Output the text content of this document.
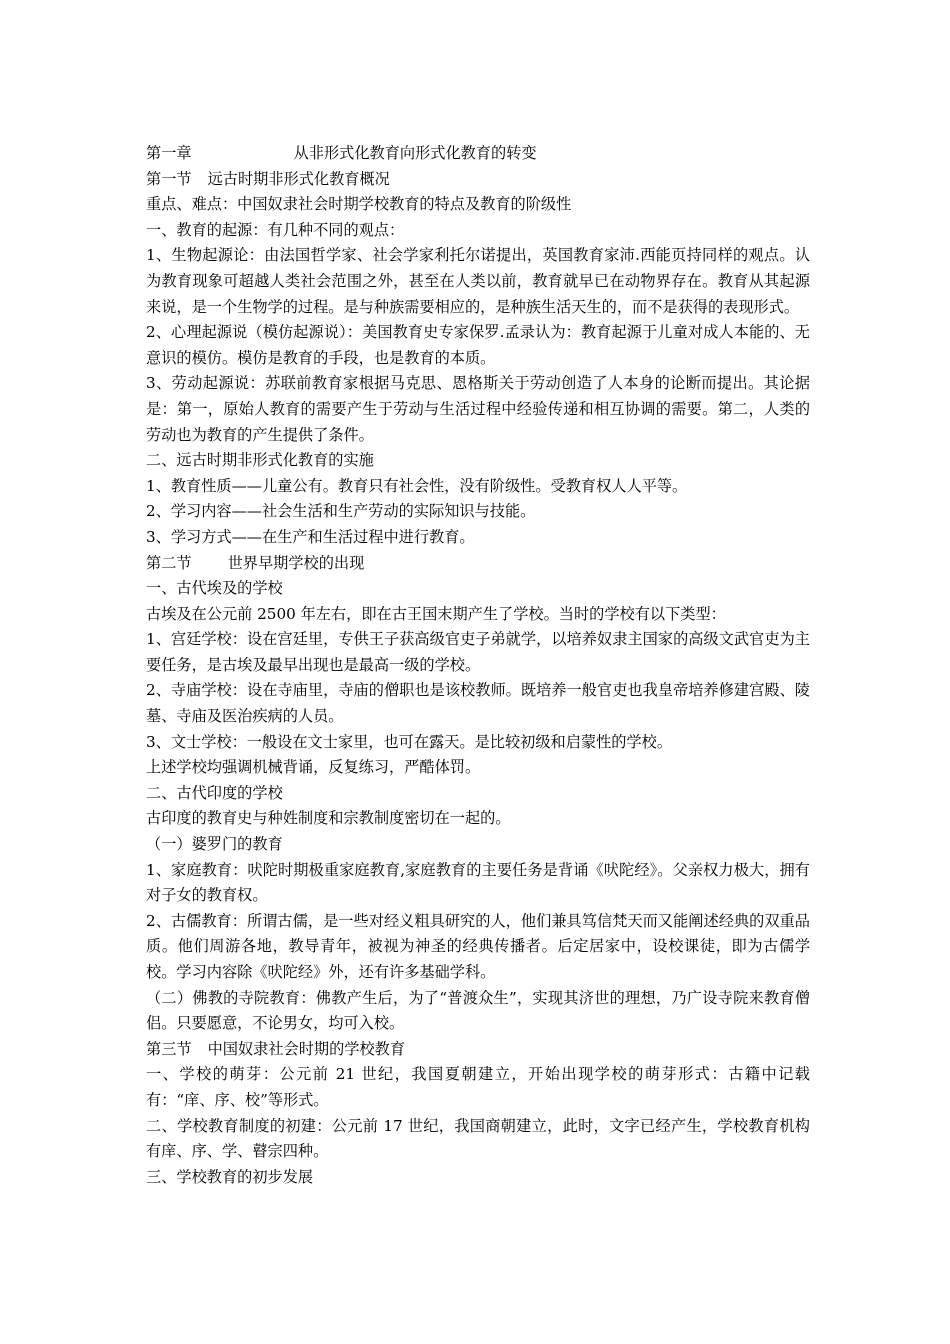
第一章	从非形式化教育向形式化教育的转变
第一节 远古时期非形式化教育概况
重点、难点：中国奴隶社会时期学校教育的特点及教育的阶级性
一、教育的起源：有几种不同的观点：

1、生物起源论：由法国哲学家、社会学家利托尔诺提出，英国教育家沛.西能页持同样的观点。认为教育现象可超越人类社会范围之外，甚至在人类以前，教育就早已在动物界存在。教育从其起源来说，是一个生物学的过程。是与种族需要相应的，是种族生活天生的，而不是获得的表现形式。

2、心理起源说（模仿起源说）：美国教育史专家保罗.孟录认为：教育起源于儿童对成人本能的、无意识的模仿。模仿是教育的手段，也是教育的本质。

3、劳动起源说：苏联前教育家根据马克思、恩格斯关于劳动创造了人本身的论断而提出。其论据是：第一，原始人教育的需要产生于劳动与生活过程中经验传递和相互协调的需要。第二，人类的劳动也为教育的产生提供了条件。

二、远古时期非形式化教育的实施
1、教育性质——儿童公有。教育只有社会性，没有阶级性。受教育权人人平等。
2、学习内容——社会生活和生产劳动的实际知识与技能。
3、学习方式——在生产和生活过程中进行教育。
第二节 世界早期学校的出现
一、古代埃及的学校
古埃及在公元前 2500 年左右，即在古王国末期产生了学校。当时的学校有以下类型：

1、宫廷学校：设在宫廷里，专供王子获高级官吏子弟就学，以培养奴隶主国家的高级文武官吏为主要任务，是古埃及最早出现也是最高一级的学校。

2、寺庙学校：设在寺庙里，寺庙的僧职也是该校教师。既培养一般官吏也我皇帝培养修建宫殿、陵墓、寺庙及医治疾病的人员。

3、文士学校：一般设在文士家里，也可在露天。是比较初级和启蒙性的学校。
上述学校均强调机械背诵，反复练习，严酷体罚。
二、古代印度的学校
古印度的教育史与种姓制度和宗教制度密切在一起的。
（一）婆罗门的教育

1、家庭教育：吠陀时期极重家庭教育,家庭教育的主要任务是背诵《吠陀经》。父亲权力极大，拥有对子女的教育权。

2、古儒教育：所谓古儒，是一些对经义粗具研究的人，他们兼具笃信梵天而又能阐述经典的双重品质。他们周游各地，教导青年，被视为神圣的经典传播者。后定居家中，设校课徒，即为古儒学校。学习内容除《吠陀经》外，还有许多基础学科。

（二）佛教的寺院教育：佛教产生后，为了“普渡众生”，实现其济世的理想，乃广设寺院来教育僧侣。只要愿意，不论男女，均可入校。

第三节 中国奴隶社会时期的学校教育

一、学校的萌芽：公元前 21 世纪，我国夏朝建立，开始出现学校的萌芽形式：古籍中记载有：“庠、序、校”等形式。

二、学校教育制度的初建：公元前 17 世纪，我国商朝建立，此时，文字已经产生，学校教育机构有庠、序、学、瞽宗四种。

三、学校教育的初步发展
